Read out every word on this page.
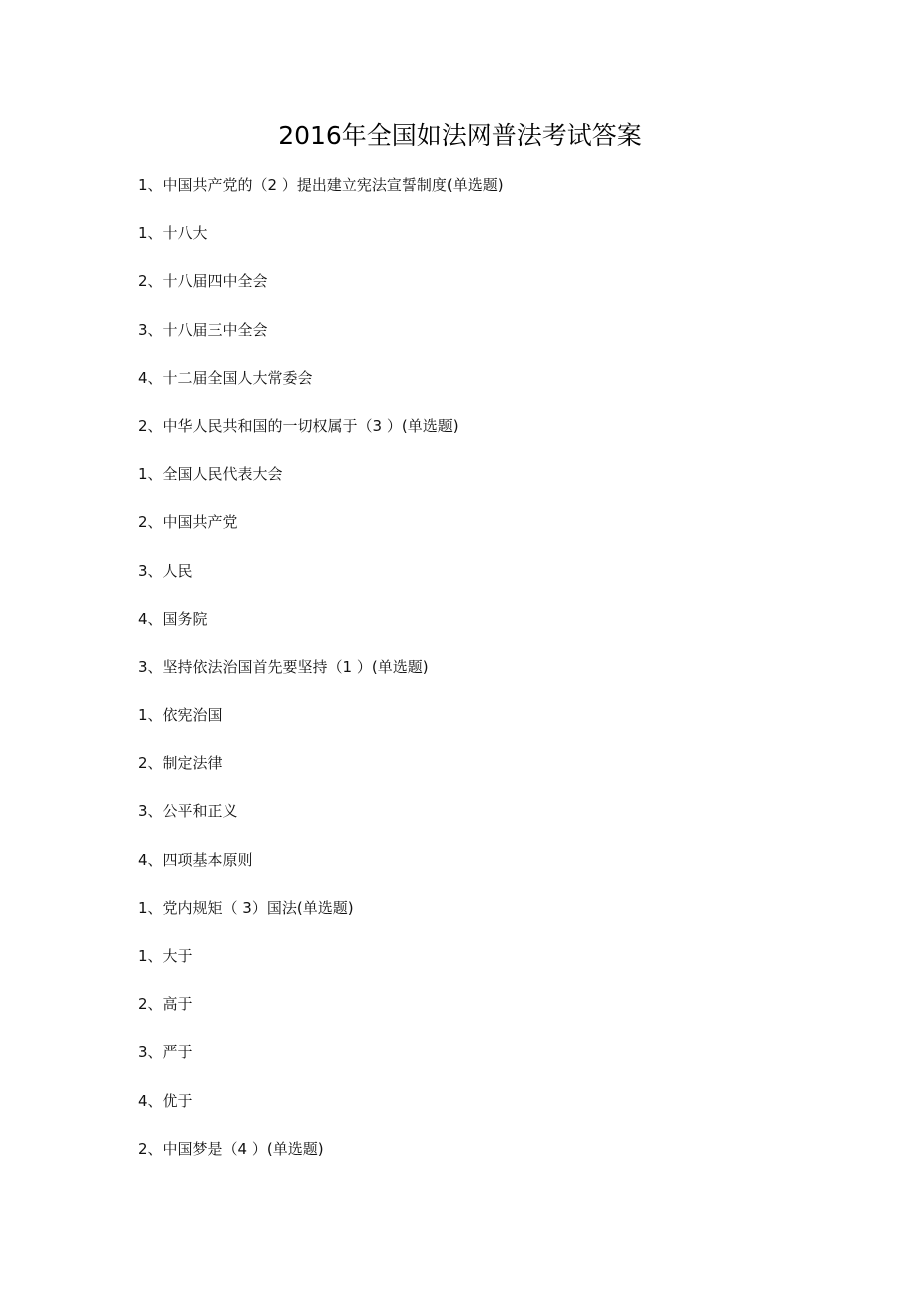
2016年全国如法网普法考试答案
1、中国共产党的（2 ）提出建立宪法宣誓制度(单选题)
1、十八大
2、十八届四中全会
3、十八届三中全会
4、十二届全国人大常委会
2、中华人民共和国的一切权属于（3 ）(单选题)
1、全国人民代表大会
2、中国共产党
3、人民
4、国务院
3、坚持依法治国首先要坚持（1 ）(单选题)
1、依宪治国
2、制定法律
3、公平和正义
4、四项基本原则
1、党内规矩（ 3）国法(单选题)
1、大于
2、高于
3、严于
4、优于
2、中国梦是（4 ）(单选题)
